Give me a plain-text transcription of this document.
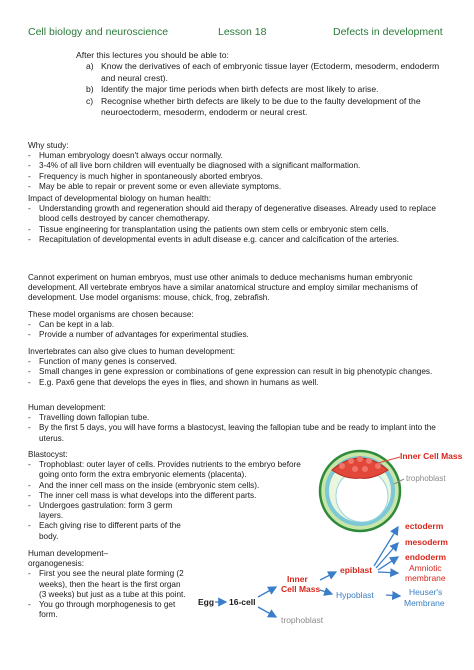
Cell biology and neuroscience	Lesson 18	Defects in development
After this lectures you should be able to:
a) Know the derivatives of each of embryonic tissue layer (Ectoderm, mesoderm, endoderm and neural crest).
b) Identify the major time periods when birth defects are most likely to arise.
c) Recognise whether birth defects are likely to be due to the faulty development of the neuroectoderm, mesoderm, endoderm or neural crest.
Why study:
- Human embryology doesn't always occur normally.
- 3-4% of all live born children will eventually be diagnosed with a significant malformation.
- Frequency is much higher in spontaneously aborted embryos.
- May be able to repair or prevent some or even alleviate symptoms.
Impact of developmental biology on human health:
- Understanding growth and regeneration should aid therapy of degenerative diseases. Already used to replace blood cells destroyed by cancer chemotherapy.
- Tissue engineering for transplantation using the patients own stem cells or embryonic stem cells.
- Recapitulation of developmental events in adult disease e.g. cancer and calcification of the arteries.
Cannot experiment on human embryos, must use other animals to deduce mechanisms human embryonic development. All vertebrate embryos have a similar anatomical structure and employ similar mechanisms of development. Use model organisms: mouse, chick, frog, zebrafish.
These model organisms are chosen because:
- Can be kept in a lab.
- Provide a number of advantages for experimental studies.
Invertebrates can also give clues to human development:
- Function of many genes is conserved.
- Small changes in gene expression or combinations of gene expression can result in big phenotypic changes.
- E.g. Pax6 gene that develops the eyes in flies, and shown in humans as well.
Human development:
- Travelling down fallopian tube.
- By the first 5 days, you will have forms a blastocyst, leaving the fallopian tube and be ready to implant into the uterus.
Blastocyst:
- Trophoblast: outer layer of cells. Provides nutrients to the embryo before going onto form the extra embryonic elements (placenta).
- And the inner cell mass on the inside (embryonic stem cells).
- The inner cell mass is what develops into the different parts.
- Undergoes gastrulation: form 3 germ layers.
- Each giving rise to different parts of the body.
Human development–organogenesis:
- First you see the neural plate forming (2 weeks), then the heart is the first organ (3 weeks) but just as a tube at this point.
- You go through morphogenesis to get form.
Inner Cell Mass
trophoblast
Egg 16-cell
Inner
Cell Mass
trophoblast
epiblast
Hypoblast
ectoderm
mesoderm
endoderm
Amniotic
membrane
Heuser's
Membrane
